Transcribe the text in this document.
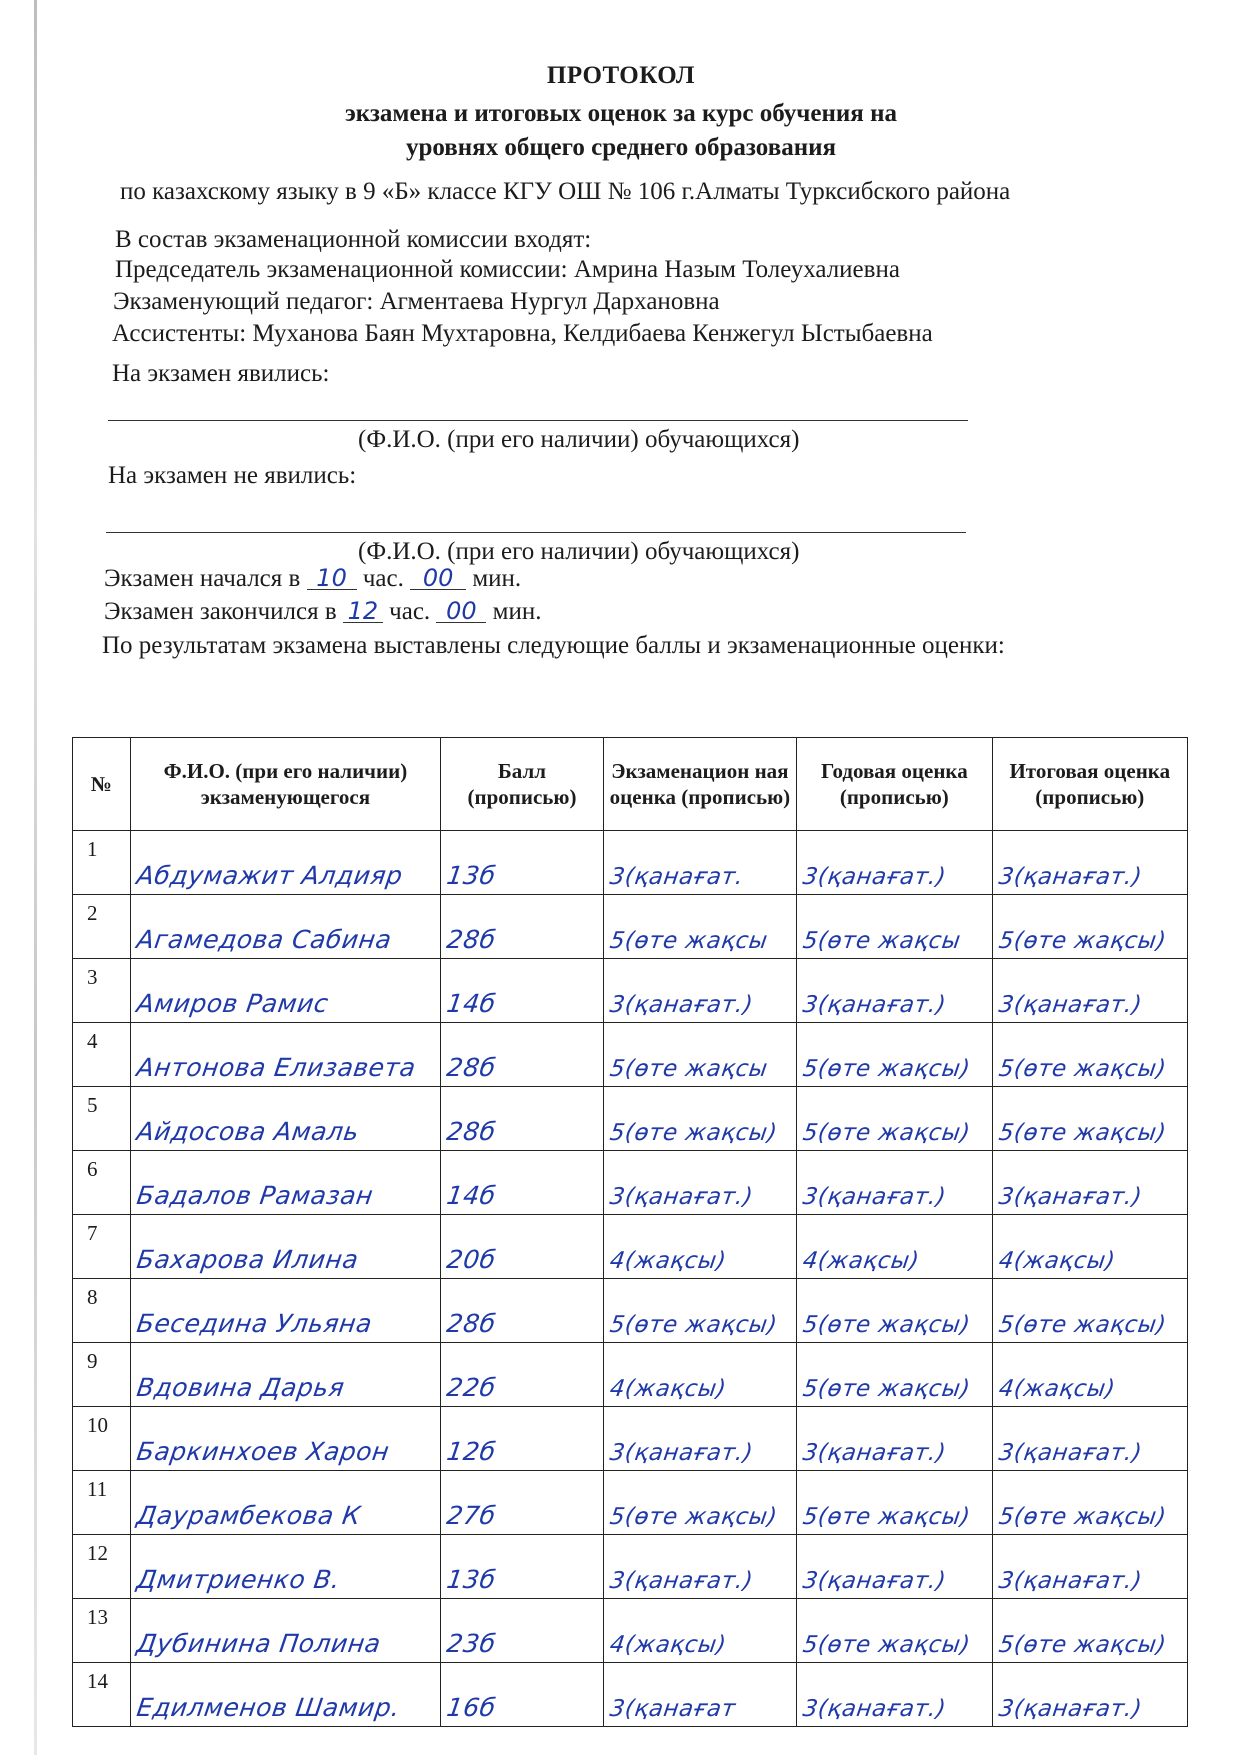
ПРОТОКОЛ
экзамена и итоговых оценок за курс обучения на
уровнях общего среднего образования
по казахскому языку в 9 «Б» классе КГУ ОШ № 106 г.Алматы Турксибского района
В состав экзаменационной комиссии входят:
Председатель экзаменационной комиссии: Амрина Назым Толеухалиевна
Экзаменующий педагог: Агментаева Нургул Дархановна
Ассистенты: Муханова Баян Мухтаровна, Келдибаева Кенжегул Ыстыбаевна
На экзамен явились:
(Ф.И.О. (при его наличии) обучающихся)
На экзамен не явились:
(Ф.И.О. (при его наличии) обучающихся)
Экзамен начался в 10 час. 00 мин.
Экзамен закончился в 12 час. 00 мин.
По результатам экзамена выставлены следующие баллы и экзаменационные оценки:
№	Ф.И.О. (при его наличии) экзаменующегося	Балл (прописью)	Экзаменацион ная оценка (прописью)	Годовая оценка (прописью)	Итоговая оценка (прописью)
1	Абдумажит Алдияр	13б	3(қанағат.	3(қанағат.)	3(қанағат.)

2	Агамедова Сабина	28б	5(өте жақсы	5(өте жақсы	5(өте жақсы)

3	Амиров Рамис	14б	3(қанағат.)	3(қанағат.)	3(қанағат.)

4	Антонова Елизавета	28б	5(өте жақсы	5(өте жақсы)	5(өте жақсы)

5	Айдосова Амаль	28б	5(өте жақсы)	5(өте жақсы)	5(өте жақсы)

6	Бадалов Рамазан	14б	3(қанағат.)	3(қанағат.)	3(қанағат.)

7	Бахарова Илина	20б	4(жақсы)	4(жақсы)	4(жақсы)

8	Беседина Ульяна	28б	5(өте жақсы)	5(өте жақсы)	5(өте жақсы)

9	Вдовина Дарья	22б	4(жақсы)	5(өте жақсы)	4(жақсы)

10	Баркинхоев Харон	12б	3(қанағат.)	3(қанағат.)	3(қанағат.)

11	Даурамбекова К	27б	5(өте жақсы)	5(өте жақсы)	5(өте жақсы)

12	Дмитриенко В.	13б	3(қанағат.)	3(қанағат.)	3(қанағат.)

13	Дубинина Полина	23б	4(жақсы)	5(өте жақсы)	5(өте жақсы)

14	Едилменов Шамир.	16б	3(қанағат	3(қанағат.)	3(қанағат.)
